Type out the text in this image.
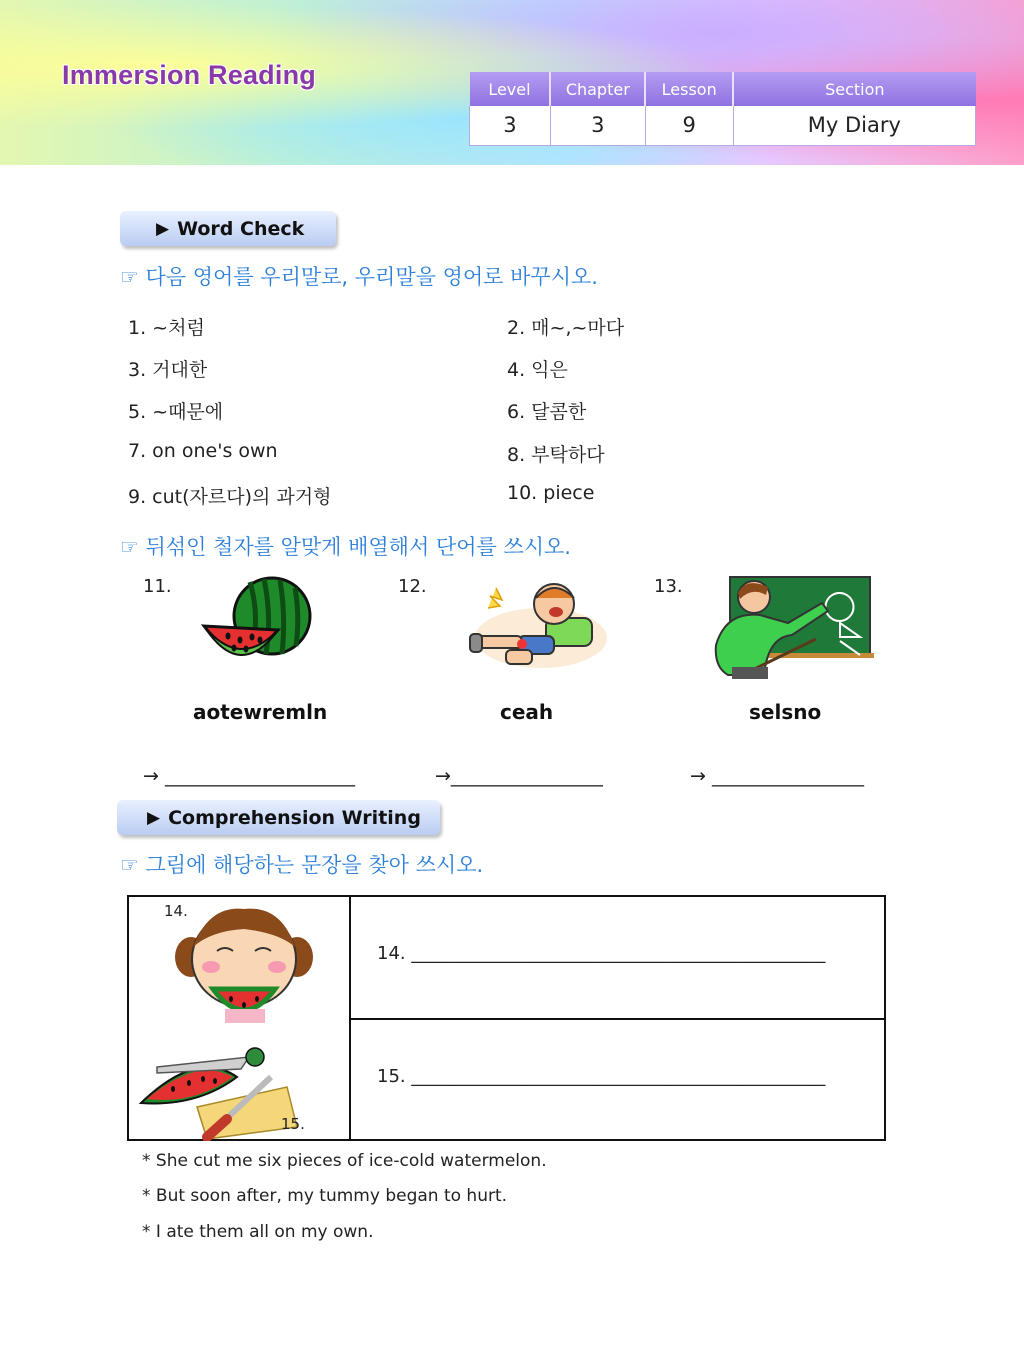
Immersion Reading	Level	Chapter	Lesson	Section
3	3	9	My Diary
▶ Word Check
☞ 다음 영어를 우리말로, 우리말을 영어로 바꾸시오.
1. ~처럼	2. 매~,~마다
3. 거대한	4. 익은
5. ~때문에	6. 달콤한
7. on one's own	8. 부탁하다
9. cut(자르다)의 과거형	10. piece
☞ 뒤섞인 철자를 알맞게 배열해서 단어를 쓰시오.
11.	12.	13.
aotewremln	ceah	selsno
→ ____________________	→________________	→ ________________
▶ Comprehension Writing
☞ 그림에 해당하는 문장을 찾아 쓰시오.
14.
15.
14. ______________________________________________
15. ______________________________________________
* She cut me six pieces of ice-cold watermelon.
* But soon after, my tummy began to hurt.
* I ate them all on my own.
